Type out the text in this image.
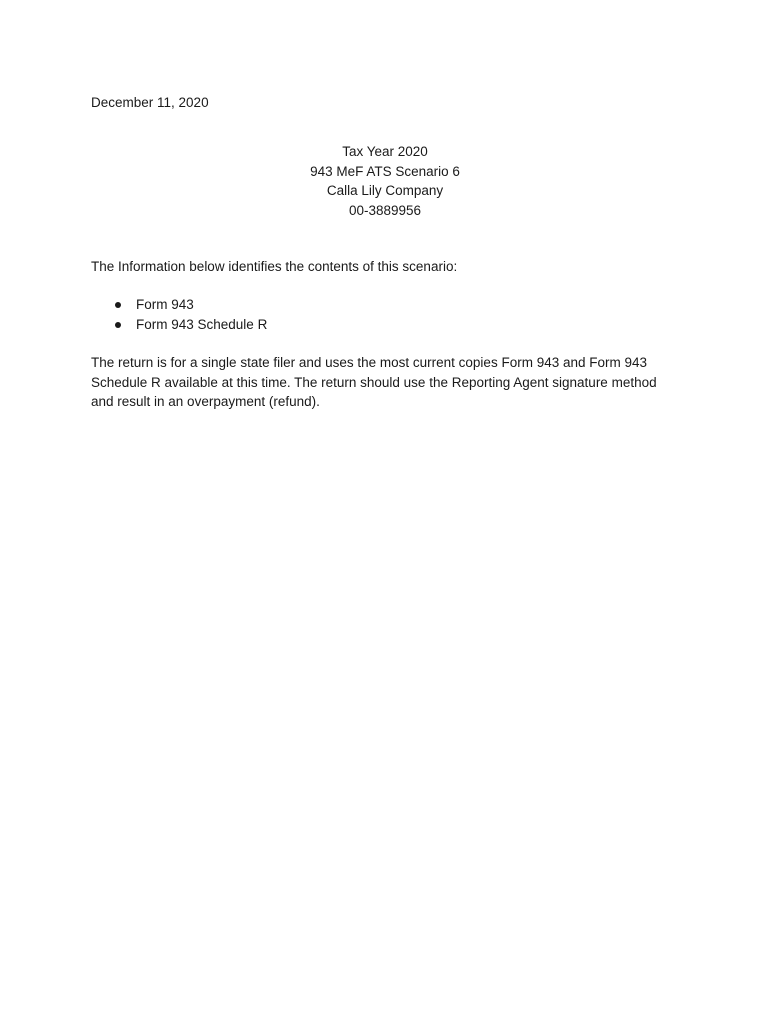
December 11, 2020

Tax Year 2020
943 MeF ATS Scenario 6
Calla Lily Company
00-3889956

The Information below identifies the contents of this scenario:

Form 943
Form 943 Schedule R

The return is for a single state filer and uses the most current copies Form 943 and Form 943
Schedule R available at this time. The return should use the Reporting Agent signature method
and result in an overpayment (refund).
